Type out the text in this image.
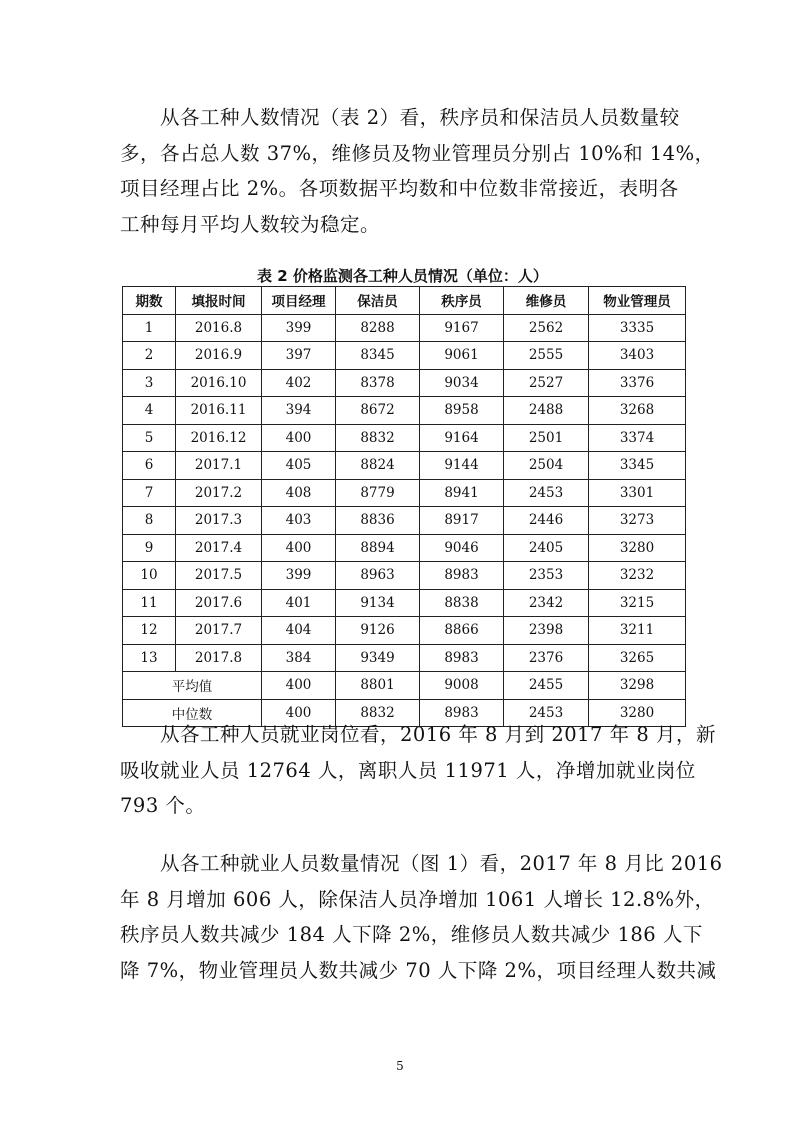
从各工种人数情况（表 2）看，秩序员和保洁员人员数量较
多，各占总人数 37%，维修员及物业管理员分别占 10%和 14%，
项目经理占比 2%。各项数据平均数和中位数非常接近，表明各
工种每月平均人数较为稳定。

表 2 价格监测各工种人员情况（单位：人）
期数	填报时间	项目经理	保洁员	秩序员	维修员	物业管理员
1	2016.8	399	8288	9167	2562	3335
2	2016.9	397	8345	9061	2555	3403
3	2016.10	402	8378	9034	2527	3376
4	2016.11	394	8672	8958	2488	3268
5	2016.12	400	8832	9164	2501	3374
6	2017.1	405	8824	9144	2504	3345
7	2017.2	408	8779	8941	2453	3301
8	2017.3	403	8836	8917	2446	3273
9	2017.4	400	8894	9046	2405	3280
10	2017.5	399	8963	8983	2353	3232
11	2017.6	401	9134	8838	2342	3215
12	2017.7	404	9126	8866	2398	3211
13	2017.8	384	9349	8983	2376	3265
平均值		400	8801	9008	2455	3298
中位数		400	8832	8983	2453	3280

从各工种人员就业岗位看，2016 年 8 月到 2017 年 8 月，新
吸收就业人员 12764 人，离职人员 11971 人，净增加就业岗位
793 个。

从各工种就业人员数量情况（图 1）看，2017 年 8 月比 2016
年 8 月增加 606 人，除保洁人员净增加 1061 人增长 12.8%外，
秩序员人数共减少 184 人下降 2%，维修员人数共减少 186 人下
降 7%，物业管理员人数共减少 70 人下降 2%，项目经理人数共减

5
